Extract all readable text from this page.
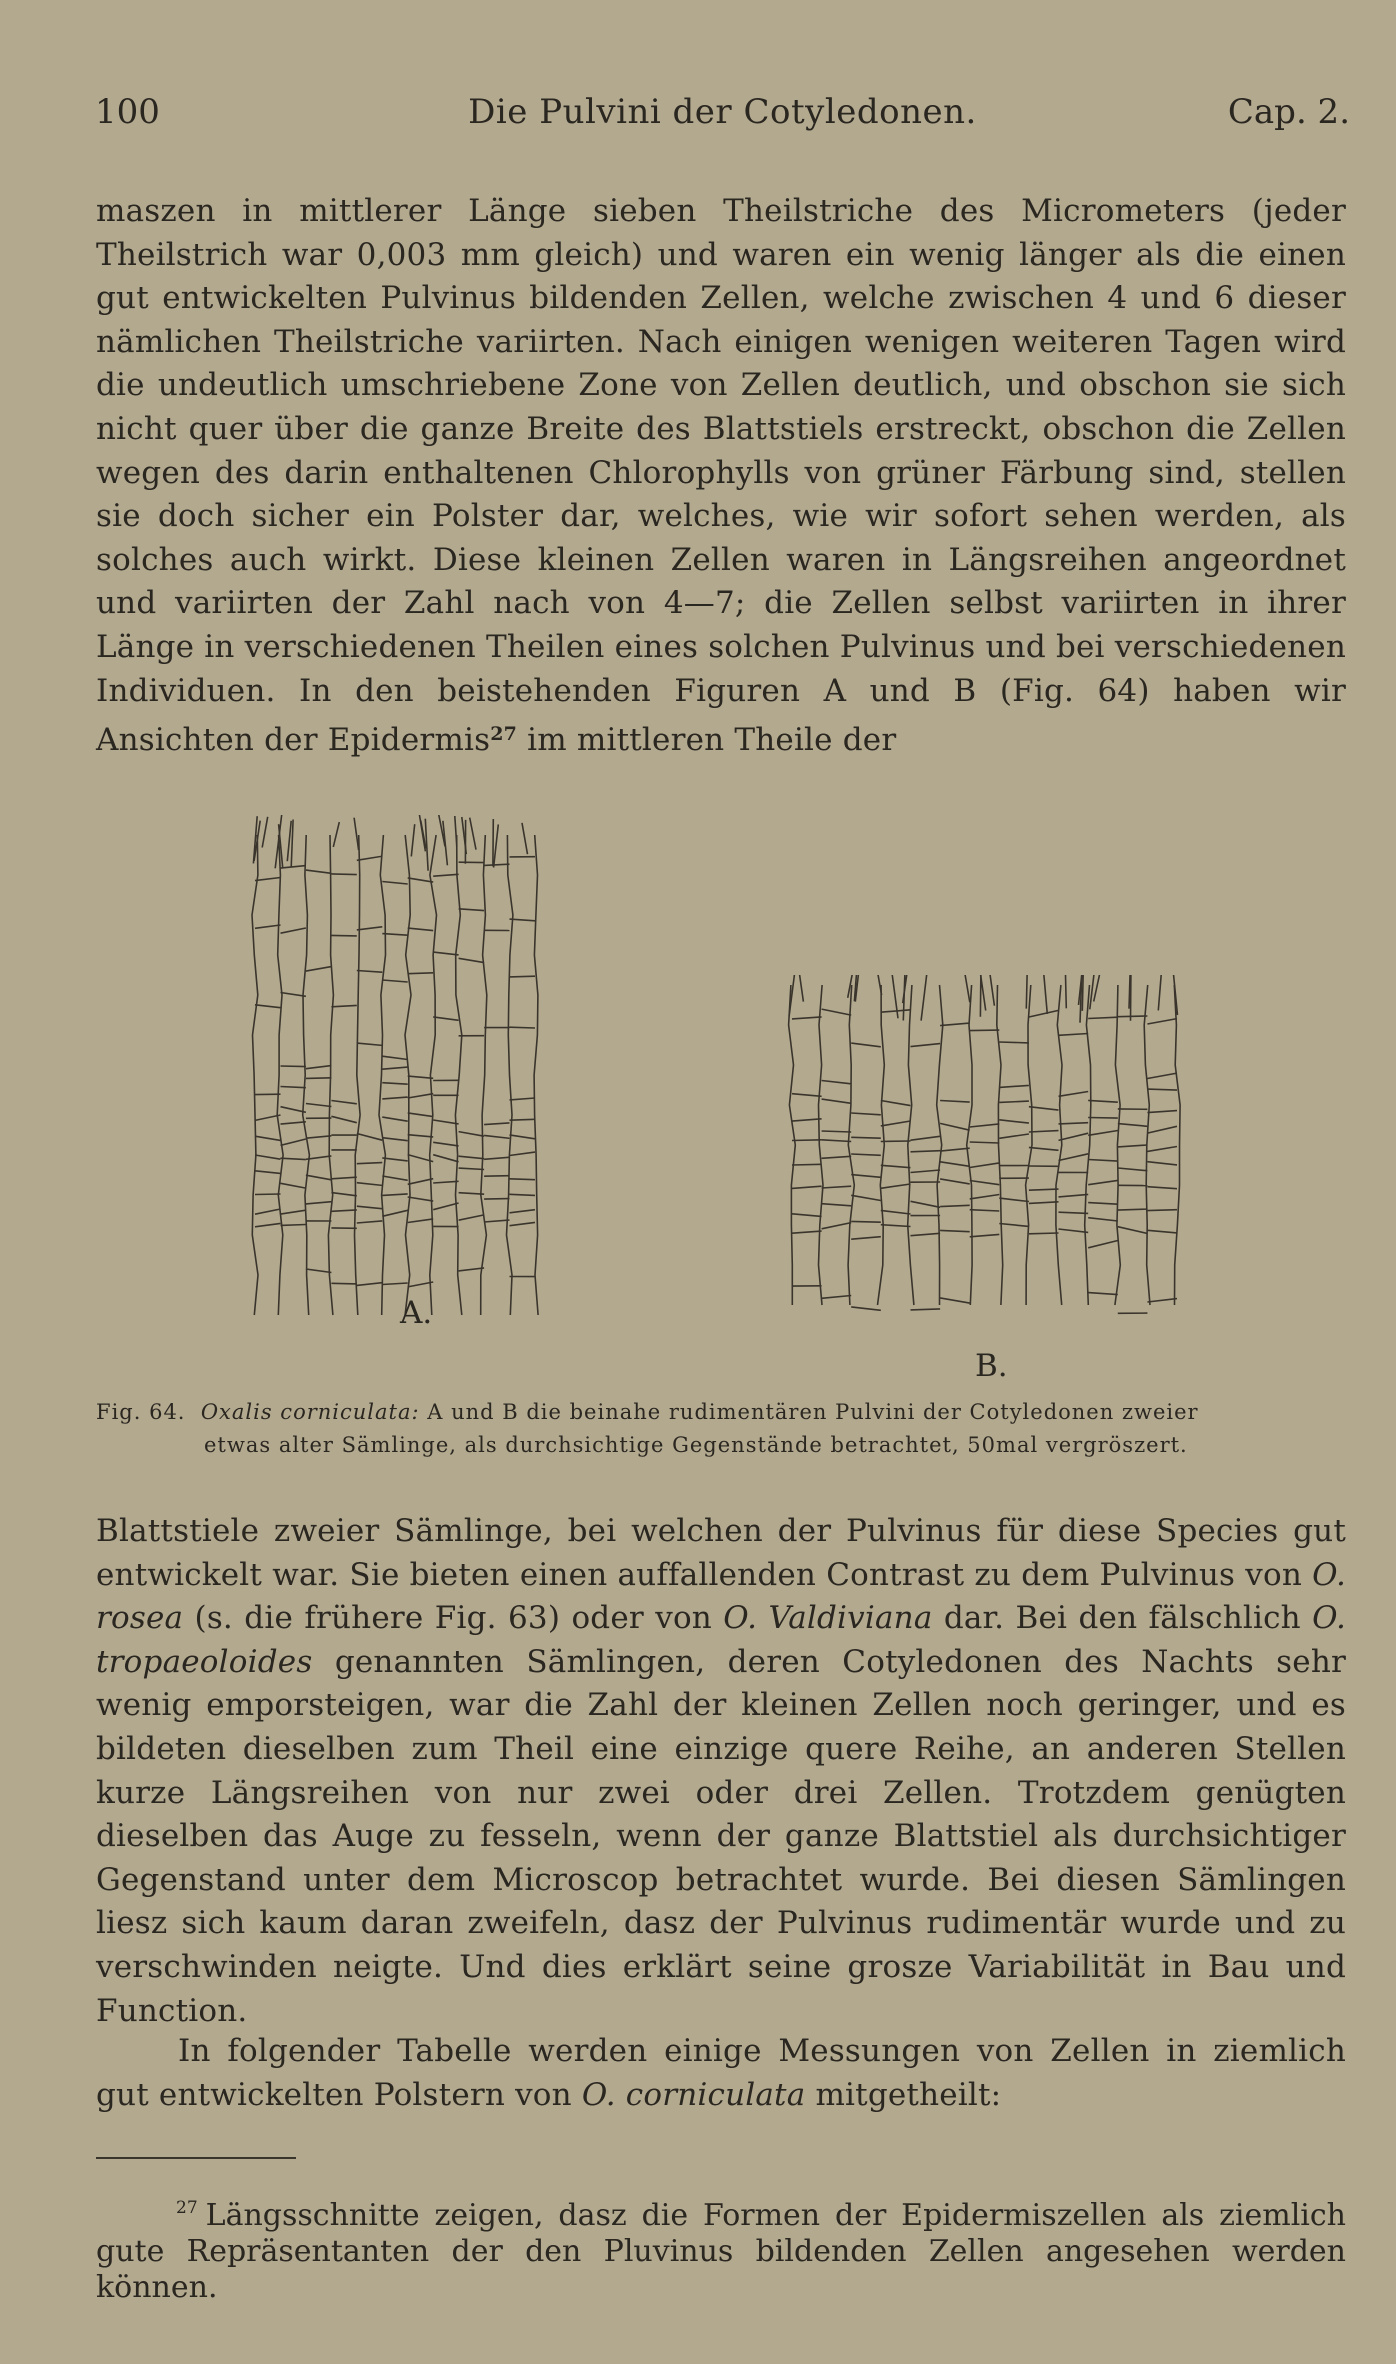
100	Die Pulvini der Cotyledonen.	Cap. 2.

maszen in mittlerer Länge sieben Theilstriche des Micrometers (jeder Theilstrich war 0,003 mm gleich) und waren ein wenig länger als die einen gut entwickelten Pulvinus bildenden Zellen, welche zwischen 4 und 6 dieser nämlichen Theilstriche variirten. Nach einigen wenigen weiteren Tagen wird die undeutlich umschriebene Zone von Zellen deutlich, und obschon sie sich nicht quer über die ganze Breite des Blattstiels erstreckt, obschon die Zellen wegen des darin enthaltenen Chlorophylls von grüner Färbung sind, stellen sie doch sicher ein Polster dar, welches, wie wir sofort sehen werden, als solches auch wirkt. Diese kleinen Zellen waren in Längsreihen angeordnet und variirten der Zahl nach von 4—7; die Zellen selbst variirten in ihrer Länge in verschiedenen Theilen eines solchen Pulvinus und bei verschiedenen Individuen. In den beistehenden Figuren A und B (Fig. 64) haben wir Ansichten der Epidermis$^{27}$ im mittleren Theile der

A.
B.
Fig. 64. Oxalis corniculata: A und B die beinahe rudimentären Pulvini der Cotyledonen zweier
etwas alter Sämlinge, als durchsichtige Gegenstände betrachtet, 50mal vergröszert.

Blattstiele zweier Sämlinge, bei welchen der Pulvinus für diese Species gut entwickelt war. Sie bieten einen auffallenden Contrast zu dem Pulvinus von O. rosea (s. die frühere Fig. 63) oder von O. Valdiviana dar. Bei den fälschlich O. tropaeoloides genannten Sämlingen, deren Cotyledonen des Nachts sehr wenig emporsteigen, war die Zahl der kleinen Zellen noch geringer, und es bildeten dieselben zum Theil eine einzige quere Reihe, an anderen Stellen kurze Längsreihen von nur zwei oder drei Zellen. Trotzdem genügten dieselben das Auge zu fesseln, wenn der ganze Blattstiel als durchsichtiger Gegenstand unter dem Microscop betrachtet wurde. Bei diesen Sämlingen liesz sich kaum daran zweifeln, dasz der Pulvinus rudimentär wurde und zu verschwinden neigte. Und dies erklärt seine grosze Variabilität in Bau und Function.

In folgender Tabelle werden einige Messungen von Zellen in ziemlich gut entwickelten Polstern von O. corniculata mitgetheilt:

$^{27}$ Längsschnitte zeigen, dasz die Formen der Epidermiszellen als ziemlich gute Repräsentanten der den Pluvinus bildenden Zellen angesehen werden können.
